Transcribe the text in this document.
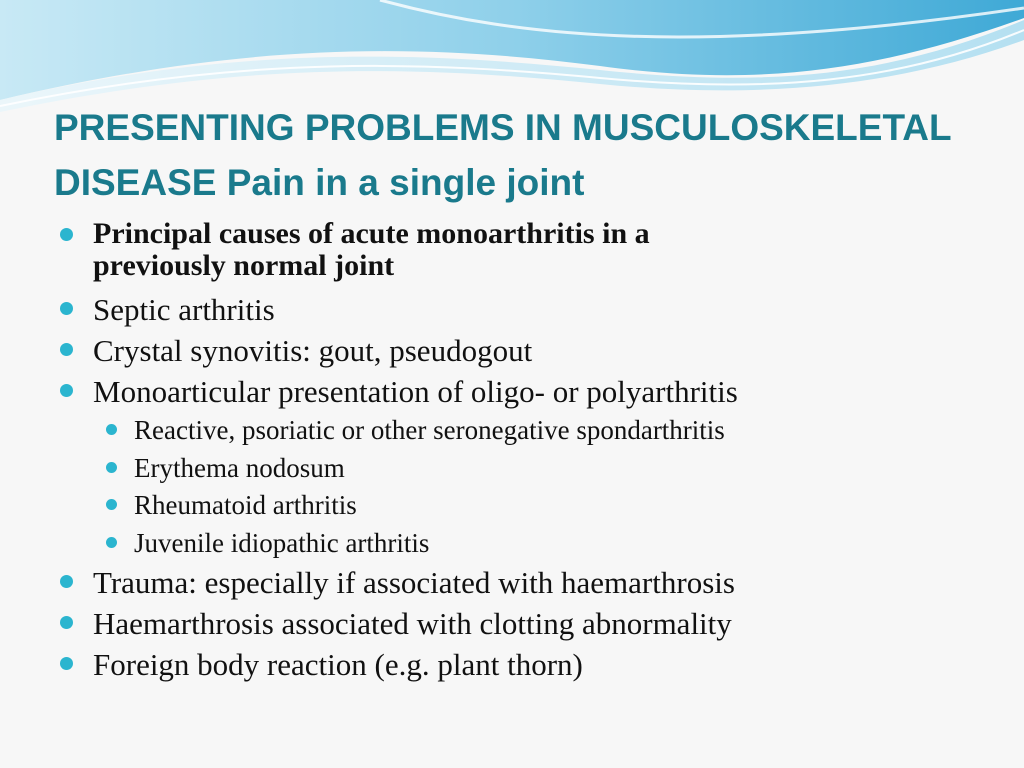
PRESENTING PROBLEMS IN MUSCULOSKELETAL
DISEASE Pain in a single joint
Principal causes of acute monoarthritis in a
previously normal joint
Septic arthritis
Crystal synovitis: gout, pseudogout
Monoarticular presentation of oligo- or polyarthritis
Reactive, psoriatic or other seronegative spondarthritis
Erythema nodosum
Rheumatoid arthritis
Juvenile idiopathic arthritis
Trauma: especially if associated with haemarthrosis
Haemarthrosis associated with clotting abnormality
Foreign body reaction (e.g. plant thorn)
